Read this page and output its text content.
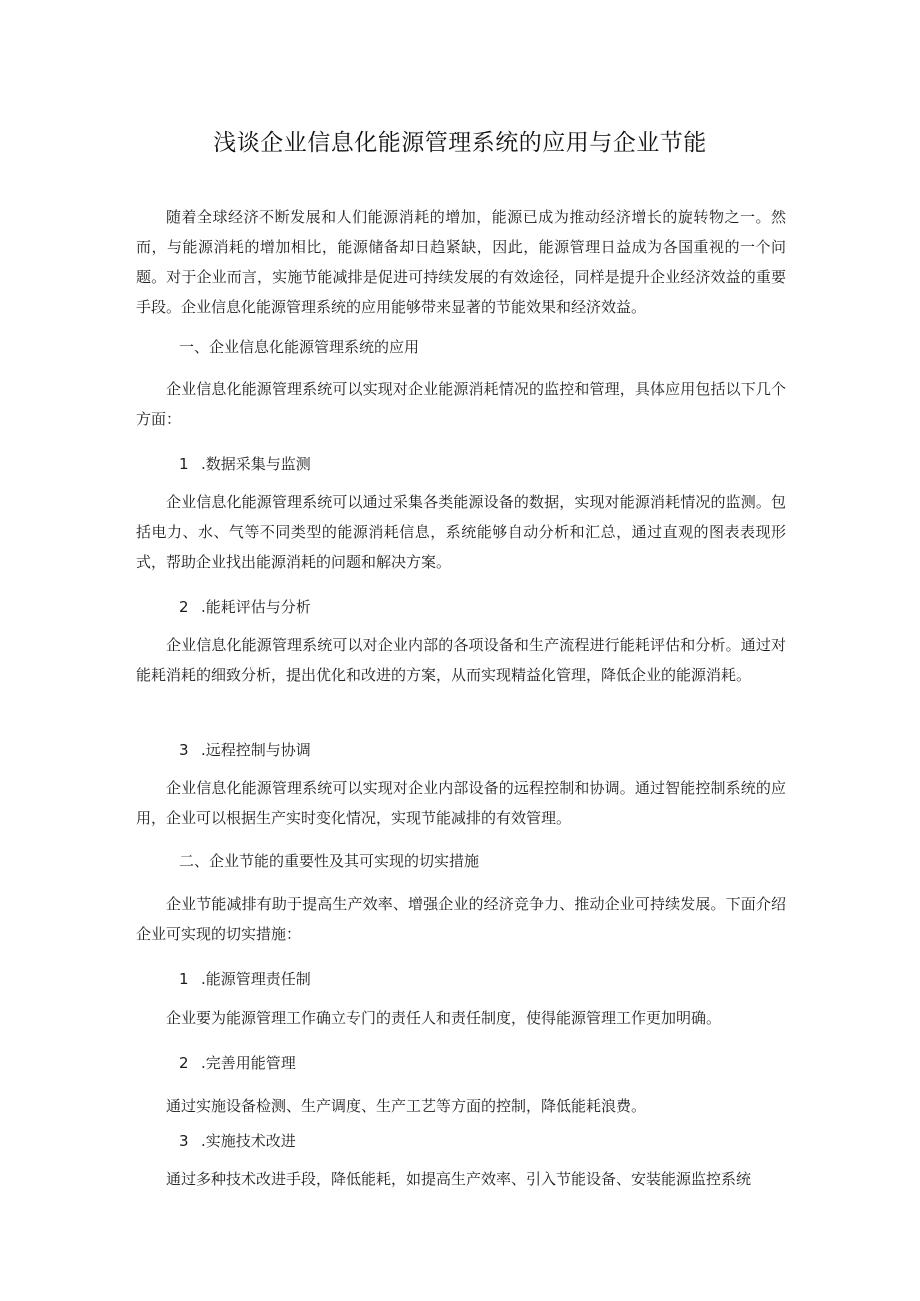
浅谈企业信息化能源管理系统的应用与企业节能
随着全球经济不断发展和人们能源消耗的增加，能源已成为推动经济增长的旋转物之一。然而，与能源消耗的增加相比，能源储备却日趋紧缺，因此，能源管理日益成为各国重视的一个问题。对于企业而言，实施节能减排是促进可持续发展的有效途径，同样是提升企业经济效益的重要手段。企业信息化能源管理系统的应用能够带来显著的节能效果和经济效益。
一、企业信息化能源管理系统的应用
企业信息化能源管理系统可以实现对企业能源消耗情况的监控和管理，具体应用包括以下几个方面：
1 .数据采集与监测
企业信息化能源管理系统可以通过采集各类能源设备的数据，实现对能源消耗情况的监测。包括电力、水、气等不同类型的能源消耗信息，系统能够自动分析和汇总，通过直观的图表表现形式，帮助企业找出能源消耗的问题和解决方案。
2 .能耗评估与分析
企业信息化能源管理系统可以对企业内部的各项设备和生产流程进行能耗评估和分析。通过对能耗消耗的细致分析，提出优化和改进的方案，从而实现精益化管理，降低企业的能源消耗。
3 .远程控制与协调
企业信息化能源管理系统可以实现对企业内部设备的远程控制和协调。通过智能控制系统的应用，企业可以根据生产实时变化情况，实现节能减排的有效管理。
二、企业节能的重要性及其可实现的切实措施
企业节能减排有助于提高生产效率、增强企业的经济竞争力、推动企业可持续发展。下面介绍企业可实现的切实措施：
1 .能源管理责任制
企业要为能源管理工作确立专门的责任人和责任制度，使得能源管理工作更加明确。
2 .完善用能管理
通过实施设备检测、生产调度、生产工艺等方面的控制，降低能耗浪费。
3 .实施技术改进
通过多种技术改进手段，降低能耗，如提高生产效率、引入节能设备、安装能源监控系统
